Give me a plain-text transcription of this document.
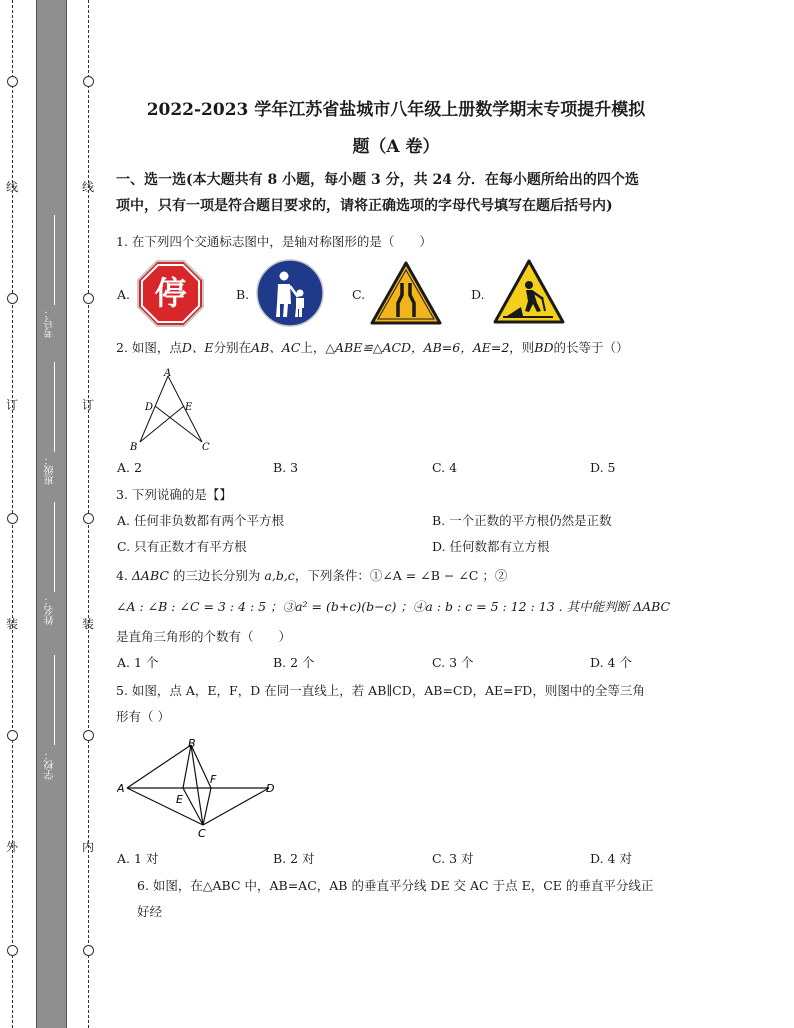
线
订
装
外
线
订
装
内
考号：
班级：
姓名：
学校：
2022-2023 学年江苏省盐城市八年级上册数学期末专项提升模拟
题（A 卷）
一、选一选(本大题共有 8 小题，每小题 3 分，共 24 分．在每小题所给出的四个选
项中，只有一项是符合题目要求的，请将正确选项的字母代号填写在题后括号内)
1. 在下列四个交通标志图中，是轴对称图形的是（　　）
A. 停	B.	C.	D.
2. 如图，点D、E分别在AB、AC上，△ABE≌△ACD，AB=6，AE=2，则BD的长等于（）
A
D	E
B	C
A. 2	B. 3	C. 4	D. 5
3. 下列说确的是【】
A. 任何非负数都有两个平方根	B. 一个正数的平方根仍然是正数
C. 只有正数才有平方根	D. 任何数都有立方根
4. ΔABC 的三边长分别为 a,b,c，下列条件：①∠A = ∠B − ∠C ；②
∠A : ∠B : ∠C = 3 : 4 : 5 ；③a² = (b+c)(b−c) ；④a : b : c = 5 : 12 : 13 . 其中能判断 ΔABC
是直角三角形的个数有（　　）
A. 1 个	B. 2 个	C. 3 个	D. 4 个
5. 如图，点 A，E，F，D 在同一直线上，若 AB∥CD，AB=CD，AE=FD，则图中的全等三角
形有（ ）
A
B
E
F
D
C
A. 1 对	B. 2 对	C. 3 对	D. 4 对
6. 如图，在△ABC 中，AB=AC，AB 的垂直平分线 DE 交 AC 于点 E，CE 的垂直平分线正
好经
